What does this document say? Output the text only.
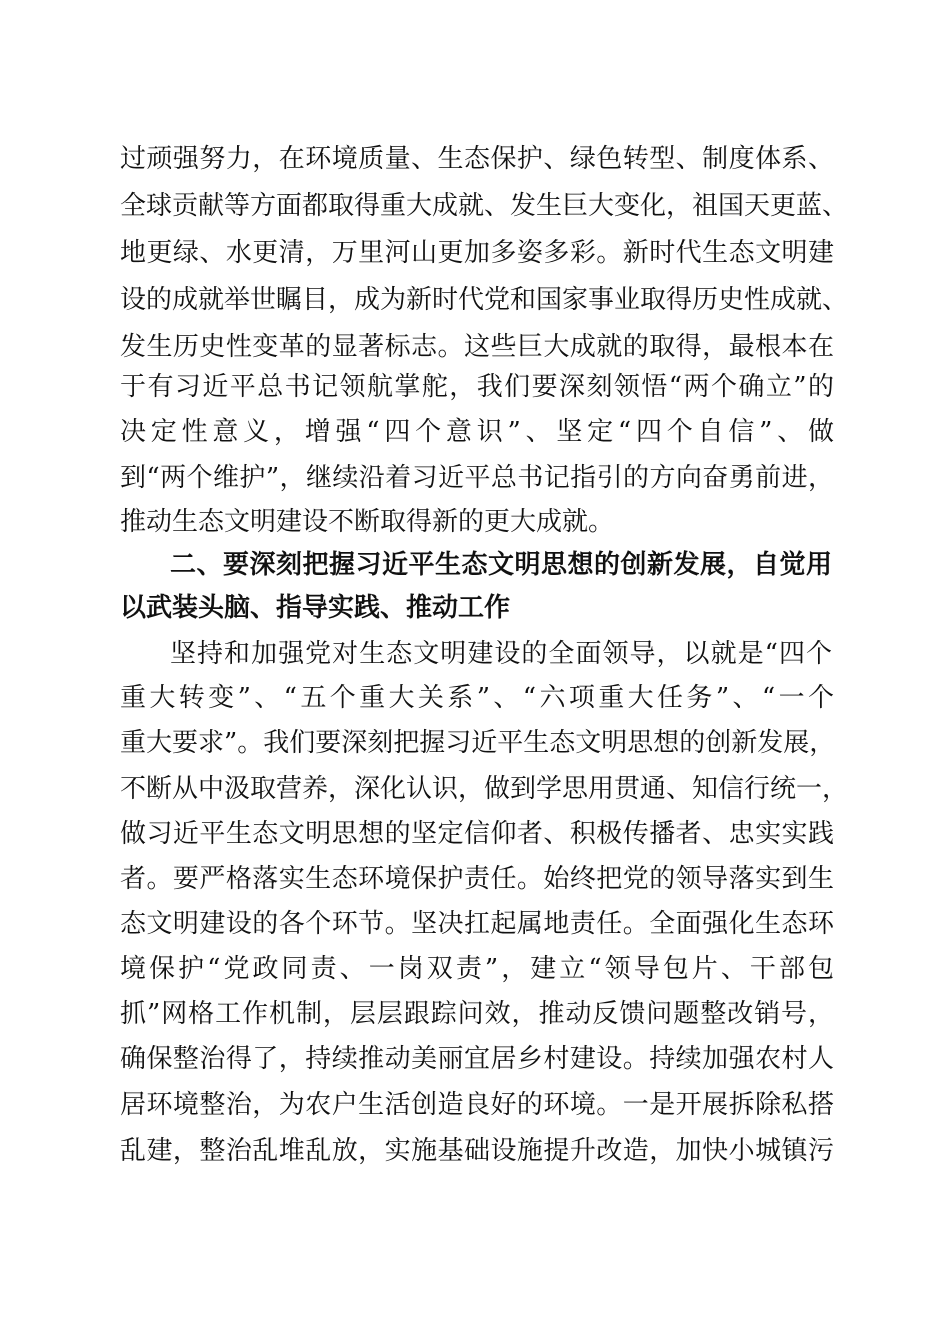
过顽强努力，在环境质量、生态保护、绿色转型、制度体系、
全球贡献等方面都取得重大成就、发生巨大变化，祖国天更蓝、
地更绿、水更清，万里河山更加多姿多彩。新时代生态文明建
设的成就举世瞩目，成为新时代党和国家事业取得历史性成就、
发生历史性变革的显著标志。这些巨大成就的取得，最根本在
于有习近平总书记领航掌舵，我们要深刻领悟“两个确立”的
决定性意义，增强“四个意识”、坚定“四个自信”、做
到“两个维护”，继续沿着习近平总书记指引的方向奋勇前进，
推动生态文明建设不断取得新的更大成就。
二、要深刻把握习近平生态文明思想的创新发展，自觉用
以武装头脑、指导实践、推动工作
坚持和加强党对生态文明建设的全面领导，以就是“四个
重大转变”、“五个重大关系”、“六项重大任务”、“一个
重大要求”。我们要深刻把握习近平生态文明思想的创新发展，
不断从中汲取营养，深化认识，做到学思用贯通、知信行统一，
做习近平生态文明思想的坚定信仰者、积极传播者、忠实实践
者。要严格落实生态环境保护责任。始终把党的领导落实到生
态文明建设的各个环节。坚决扛起属地责任。全面强化生态环
境保护“党政同责、一岗双责”，建立“领导包片、干部包
抓”网格工作机制，层层跟踪问效，推动反馈问题整改销号，
确保整治得了，持续推动美丽宜居乡村建设。持续加强农村人
居环境整治，为农户生活创造良好的环境。一是开展拆除私搭
乱建，整治乱堆乱放，实施基础设施提升改造，加快小城镇污
